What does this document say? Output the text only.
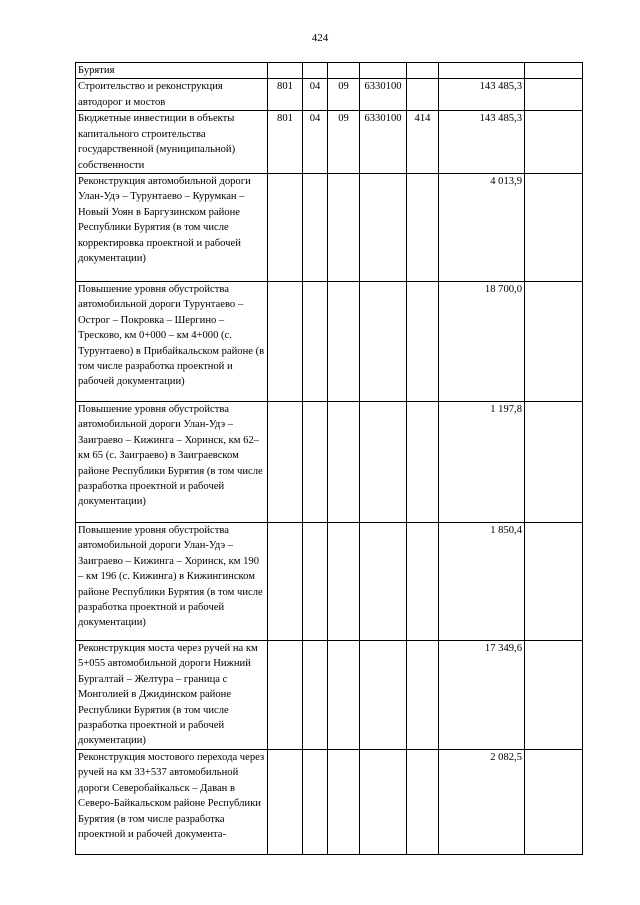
424
Бурятия							
Строительство и реконструкция автодорог и мостов	801	04	09	6330100		143 485,3	
Бюджетные инвестиции в объекты капитального строительства государственной (муниципальной) собственности	801	04	09	6330100	414	143 485,3	
Реконструкция автомобильной дороги Улан-Удэ – Турунтаево – Курумкан – Новый Уоян в Баргузинском районе Республики Бурятия (в том числе корректировка проектной и рабочей документации)						4 013,9	
Повышение уровня обустройства автомобильной дороги Турунтаево – Острог – Покровка – Шергино – Тресково, км 0+000 – км 4+000 (с. Турунтаево) в Прибайкальском районе (в том числе разработка проектной и рабочей документации)						18 700,0	
Повышение уровня обустройства автомобильной дороги Улан-Удэ – Заиграево – Кижинга – Хоринск, км 62– км 65 (с. Заиграево) в Заиграевском районе Республики Бурятия (в том числе разработка проектной и рабочей документации)						1 197,8	
Повышение уровня обустройства автомобильной дороги Улан-Удэ – Заиграево – Кижинга – Хоринск, км 190 – км 196 (с. Кижинга) в Кижингинском районе Республики Бурятия (в том числе разработка проектной и рабочей документации)						1 850,4	
Реконструкция моста через ручей на км 5+055 автомобильной дороги Нижний Бургалтай – Желтура – граница с Монголией в Джидинском районе Республики Бурятия (в том числе разработка проектной и рабочей документации)						17 349,6	
Реконструкция мостового перехода через ручей на км 33+537 автомобильной дороги Северобайкальск – Даван в Северо-Байкальском районе Республики Бурятия (в том числе разработка проектной и рабочей документа-						2 082,5	
